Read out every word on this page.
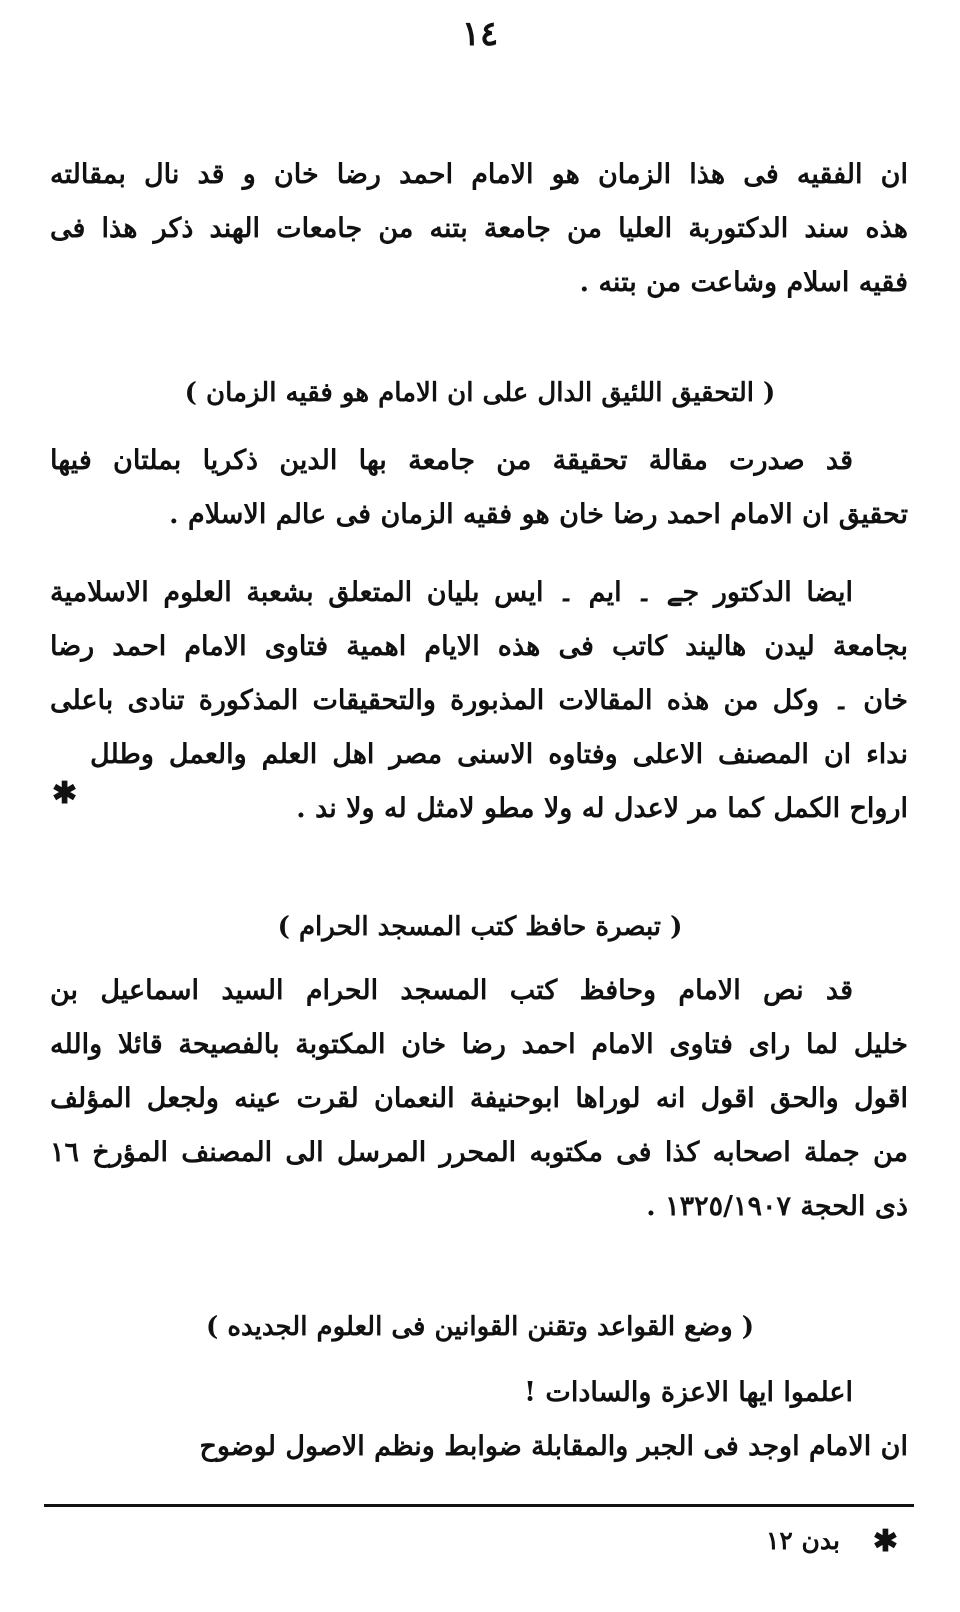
١٤
ان الفقيه فى هذا الزمان هو الامام احمد رضا خان و قد نال بمقالته
هذه سند الدكتوربة العليا من جامعة بتنه من جامعات الهند ذكر هذا فى
فقيه اسلام وشاعت من بتنه .
( التحقيق اللئيق الدال على ان الامام هو فقيه الزمان )
قد صدرت مقالة تحقيقة من جامعة بها الدين ذكريا بملتان فيها
تحقيق ان الامام احمد رضا خان هو فقيه الزمان فى عالم الاسلام .
ايضا الدكتور جے ۔ ایم ۔ ایس بلیان المتعلق بشعبة العلوم الاسلامية
بجامعة ليدن هاليند كاتب فى هذه الايام اهمية فتاوى الامام احمد رضا
خان ۔ وكل من هذه المقالات المذبورة والتحقيقات المذكورة تنادى باعلى
نداء ان المصنف الاعلى وفتاوه الاسنى مصر اهل العلم والعمل وطلل
ارواح الكمل كما مر لاعدل له ولا مطو لامثل له ولا ند .
✱
( تبصرة حافظ كتب المسجد الحرام )
قد نص الامام وحافظ كتب المسجد الحرام السيد اسماعيل بن
خليل لما راى فتاوى الامام احمد رضا خان المكتوبة بالفصيحة قائلا والله
اقول والحق اقول انه لوراها ابوحنيفة النعمان لقرت عينه ولجعل المؤلف
من جملة اصحابه كذا فى مكتوبه المحرر المرسل الى المصنف المؤرخ ١٦
ذى الحجة ١٣٢٥/١٩٠٧ .
( وضع القواعد وتقنن القوانين فى العلوم الجديده )
اعلموا ايها الاعزة والسادات !
ان الامام اوجد فى الجبر والمقابلة ضوابط ونظم الاصول لوضوح
✱
بدن ١٢
